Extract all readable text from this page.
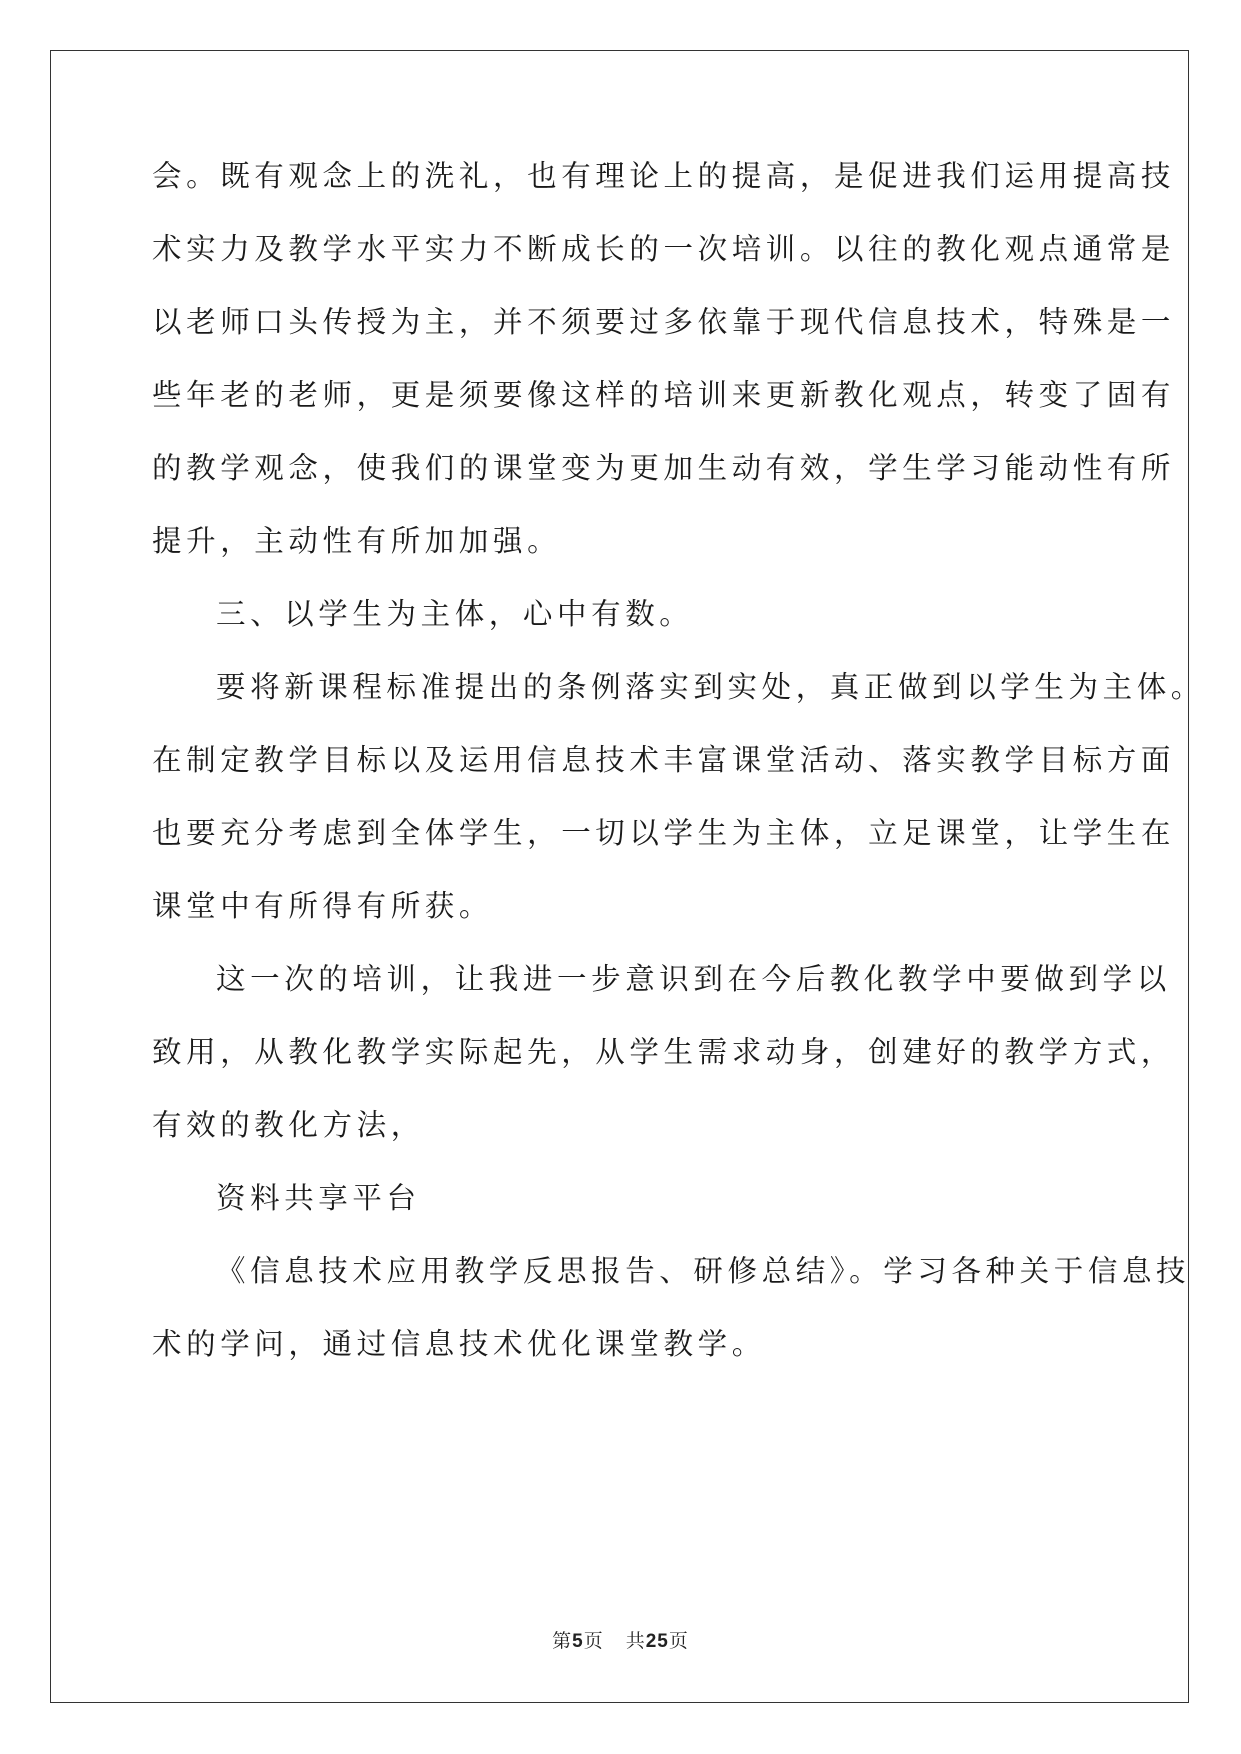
会。既有观念上的洗礼，也有理论上的提高，是促进我们运用提高技
术实力及教学水平实力不断成长的一次培训。以往的教化观点通常是
以老师口头传授为主，并不须要过多依靠于现代信息技术，特殊是一
些年老的老师，更是须要像这样的培训来更新教化观点，转变了固有
的教学观念，使我们的课堂变为更加生动有效，学生学习能动性有所
提升，主动性有所加加强。
三、以学生为主体，心中有数。
要将新课程标准提出的条例落实到实处，真正做到以学生为主体。
在制定教学目标以及运用信息技术丰富课堂活动、落实教学目标方面
也要充分考虑到全体学生，一切以学生为主体，立足课堂，让学生在
课堂中有所得有所获。
这一次的培训，让我进一步意识到在今后教化教学中要做到学以
致用，从教化教学实际起先，从学生需求动身，创建好的教学方式，
有效的教化方法，
资料共享平台
《信息技术应用教学反思报告、研修总结》。学习各种关于信息技
术的学问，通过信息技术优化课堂教学。
第5页 共25页
